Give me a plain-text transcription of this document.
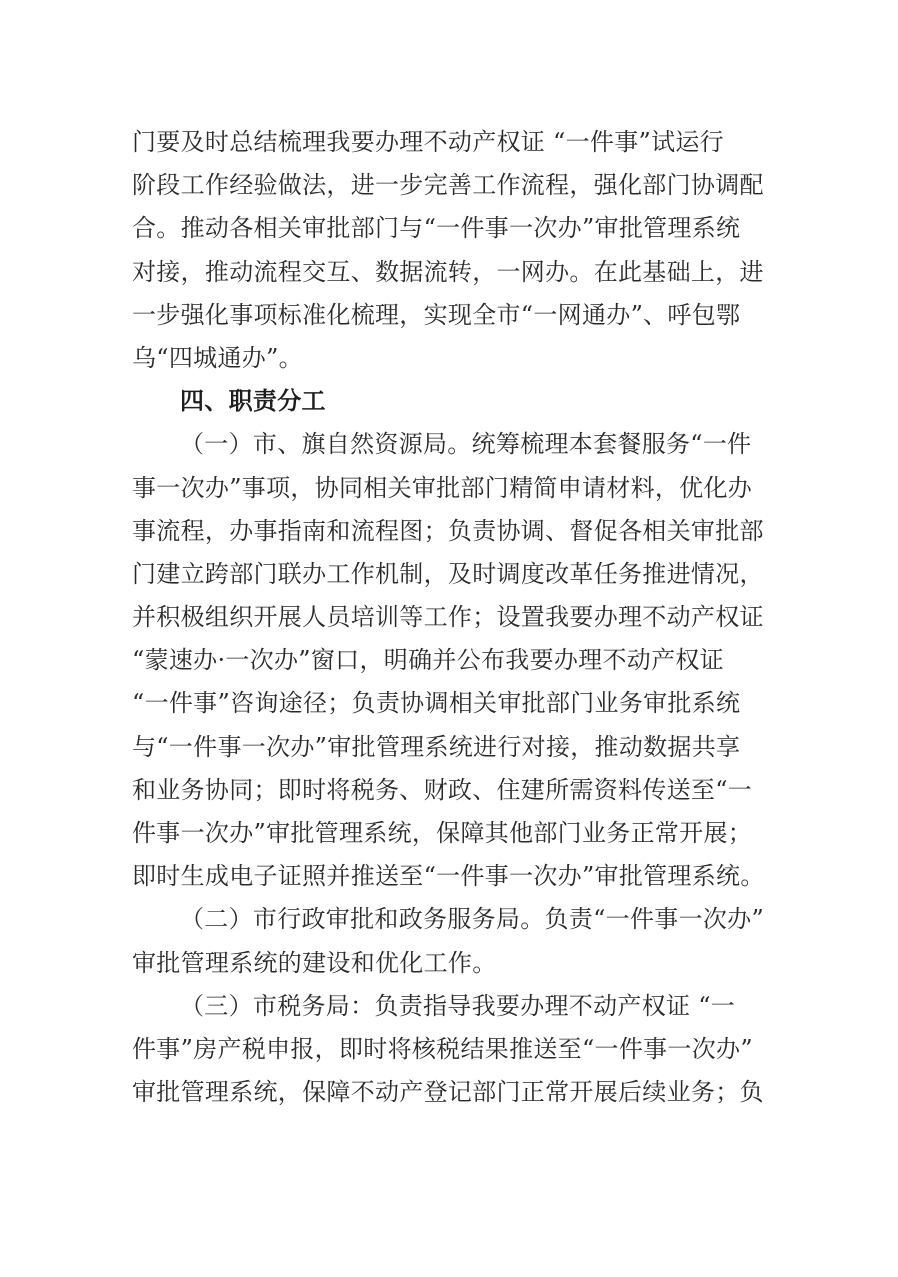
门要及时总结梳理我要办理不动产权证 “一件事”试运行
阶段工作经验做法，进一步完善工作流程，强化部门协调配
合。推动各相关审批部门与“一件事一次办”审批管理系统
对接，推动流程交互、数据流转，一网办。在此基础上，进
一步强化事项标准化梳理，实现全市“一网通办”、呼包鄂
乌“四城通办”。
四、职责分工
（一）市、旗自然资源局。统筹梳理本套餐服务“一件
事一次办”事项，协同相关审批部门精简申请材料，优化办
事流程，办事指南和流程图；负责协调、督促各相关审批部
门建立跨部门联办工作机制，及时调度改革任务推进情况，
并积极组织开展人员培训等工作；设置我要办理不动产权证
“蒙速办·一次办”窗口，明确并公布我要办理不动产权证
“一件事”咨询途径；负责协调相关审批部门业务审批系统
与“一件事一次办”审批管理系统进行对接，推动数据共享
和业务协同；即时将税务、财政、住建所需资料传送至“一
件事一次办”审批管理系统，保障其他部门业务正常开展；
即时生成电子证照并推送至“一件事一次办”审批管理系统。
（二）市行政审批和政务服务局。负责“一件事一次办”
审批管理系统的建设和优化工作。
（三）市税务局：负责指导我要办理不动产权证 “一
件事”房产税申报，即时将核税结果推送至“一件事一次办”
审批管理系统，保障不动产登记部门正常开展后续业务；负
